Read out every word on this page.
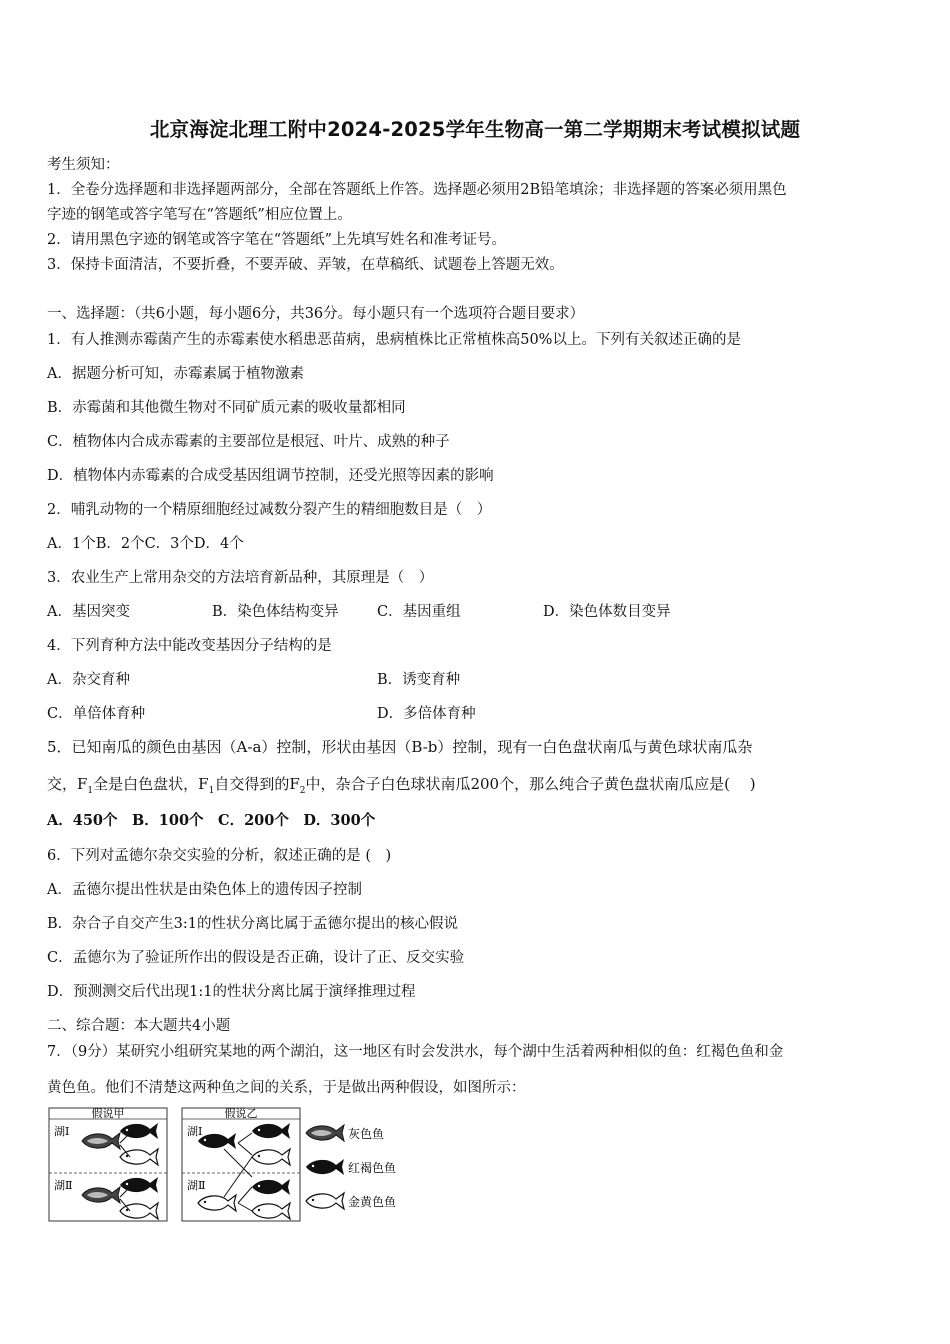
北京海淀北理工附中2024-2025学年生物高一第二学期期末考试模拟试题
考生须知：
1．全卷分选择题和非选择题两部分，全部在答题纸上作答。选择题必须用2B铅笔填涂；非选择题的答案必须用黑色
字迹的钢笔或答字笔写在“答题纸”相应位置上。
2．请用黑色字迹的钢笔或答字笔在“答题纸”上先填写姓名和准考证号。
3．保持卡面清洁，不要折叠，不要弄破、弄皱，在草稿纸、试题卷上答题无效。
一、选择题：（共6小题，每小题6分，共36分。每小题只有一个选项符合题目要求）
1．有人推测赤霉菌产生的赤霉素使水稻患恶苗病，患病植株比正常植株高50%以上。下列有关叙述正确的是
A．据题分析可知，赤霉素属于植物激素
B．赤霉菌和其他微生物对不同矿质元素的吸收量都相同
C．植物体内合成赤霉素的主要部位是根冠、叶片、成熟的种子
D．植物体内赤霉素的合成受基因组调节控制，还受光照等因素的影响
2．哺乳动物的一个精原细胞经过减数分裂产生的精细胞数目是（　）
A．1个B．2个C．3个D．4个
3．农业生产上常用杂交的方法培育新品种，其原理是（　）
A．基因突变	B．染色体结构变异	C．基因重组	D．染色体数目变异
4．下列育种方法中能改变基因分子结构的是
A．杂交育种	B．诱变育种
C．单倍体育种	D．多倍体育种
5．已知南瓜的颜色由基因（A-a）控制，形状由基因（B-b）控制，现有一白色盘状南瓜与黄色球状南瓜杂
交，$F_1$全是白色盘状，$F_1$自交得到的$F_2$中，杂合子白色球状南瓜200个，那么纯合子黄色盘状南瓜应是(　 )
A．450个　B．100个　C．200个　D．300个
6．下列对孟德尔杂交实验的分析，叙述正确的是 (　)
A．孟德尔提出性状是由染色体上的遗传因子控制
B．杂合子自交产生3:1的性状分离比属于孟德尔提出的核心假说
C．孟德尔为了验证所作出的假设是否正确，设计了正、反交实验
D．预测测交后代出现1:1的性状分离比属于演绎推理过程
二、综合题：本大题共4小题
7．（9分）某研究小组研究某地的两个湖泊，这一地区有时会发洪水，每个湖中生活着两种相似的鱼：红褐色鱼和金
黄色鱼。他们不清楚这两种鱼之间的关系，于是做出两种假设，如图所示：
假说甲
湖Ⅰ
湖Ⅱ
假说乙
湖Ⅰ
湖Ⅱ
灰色鱼
红褐色鱼
金黄色鱼
